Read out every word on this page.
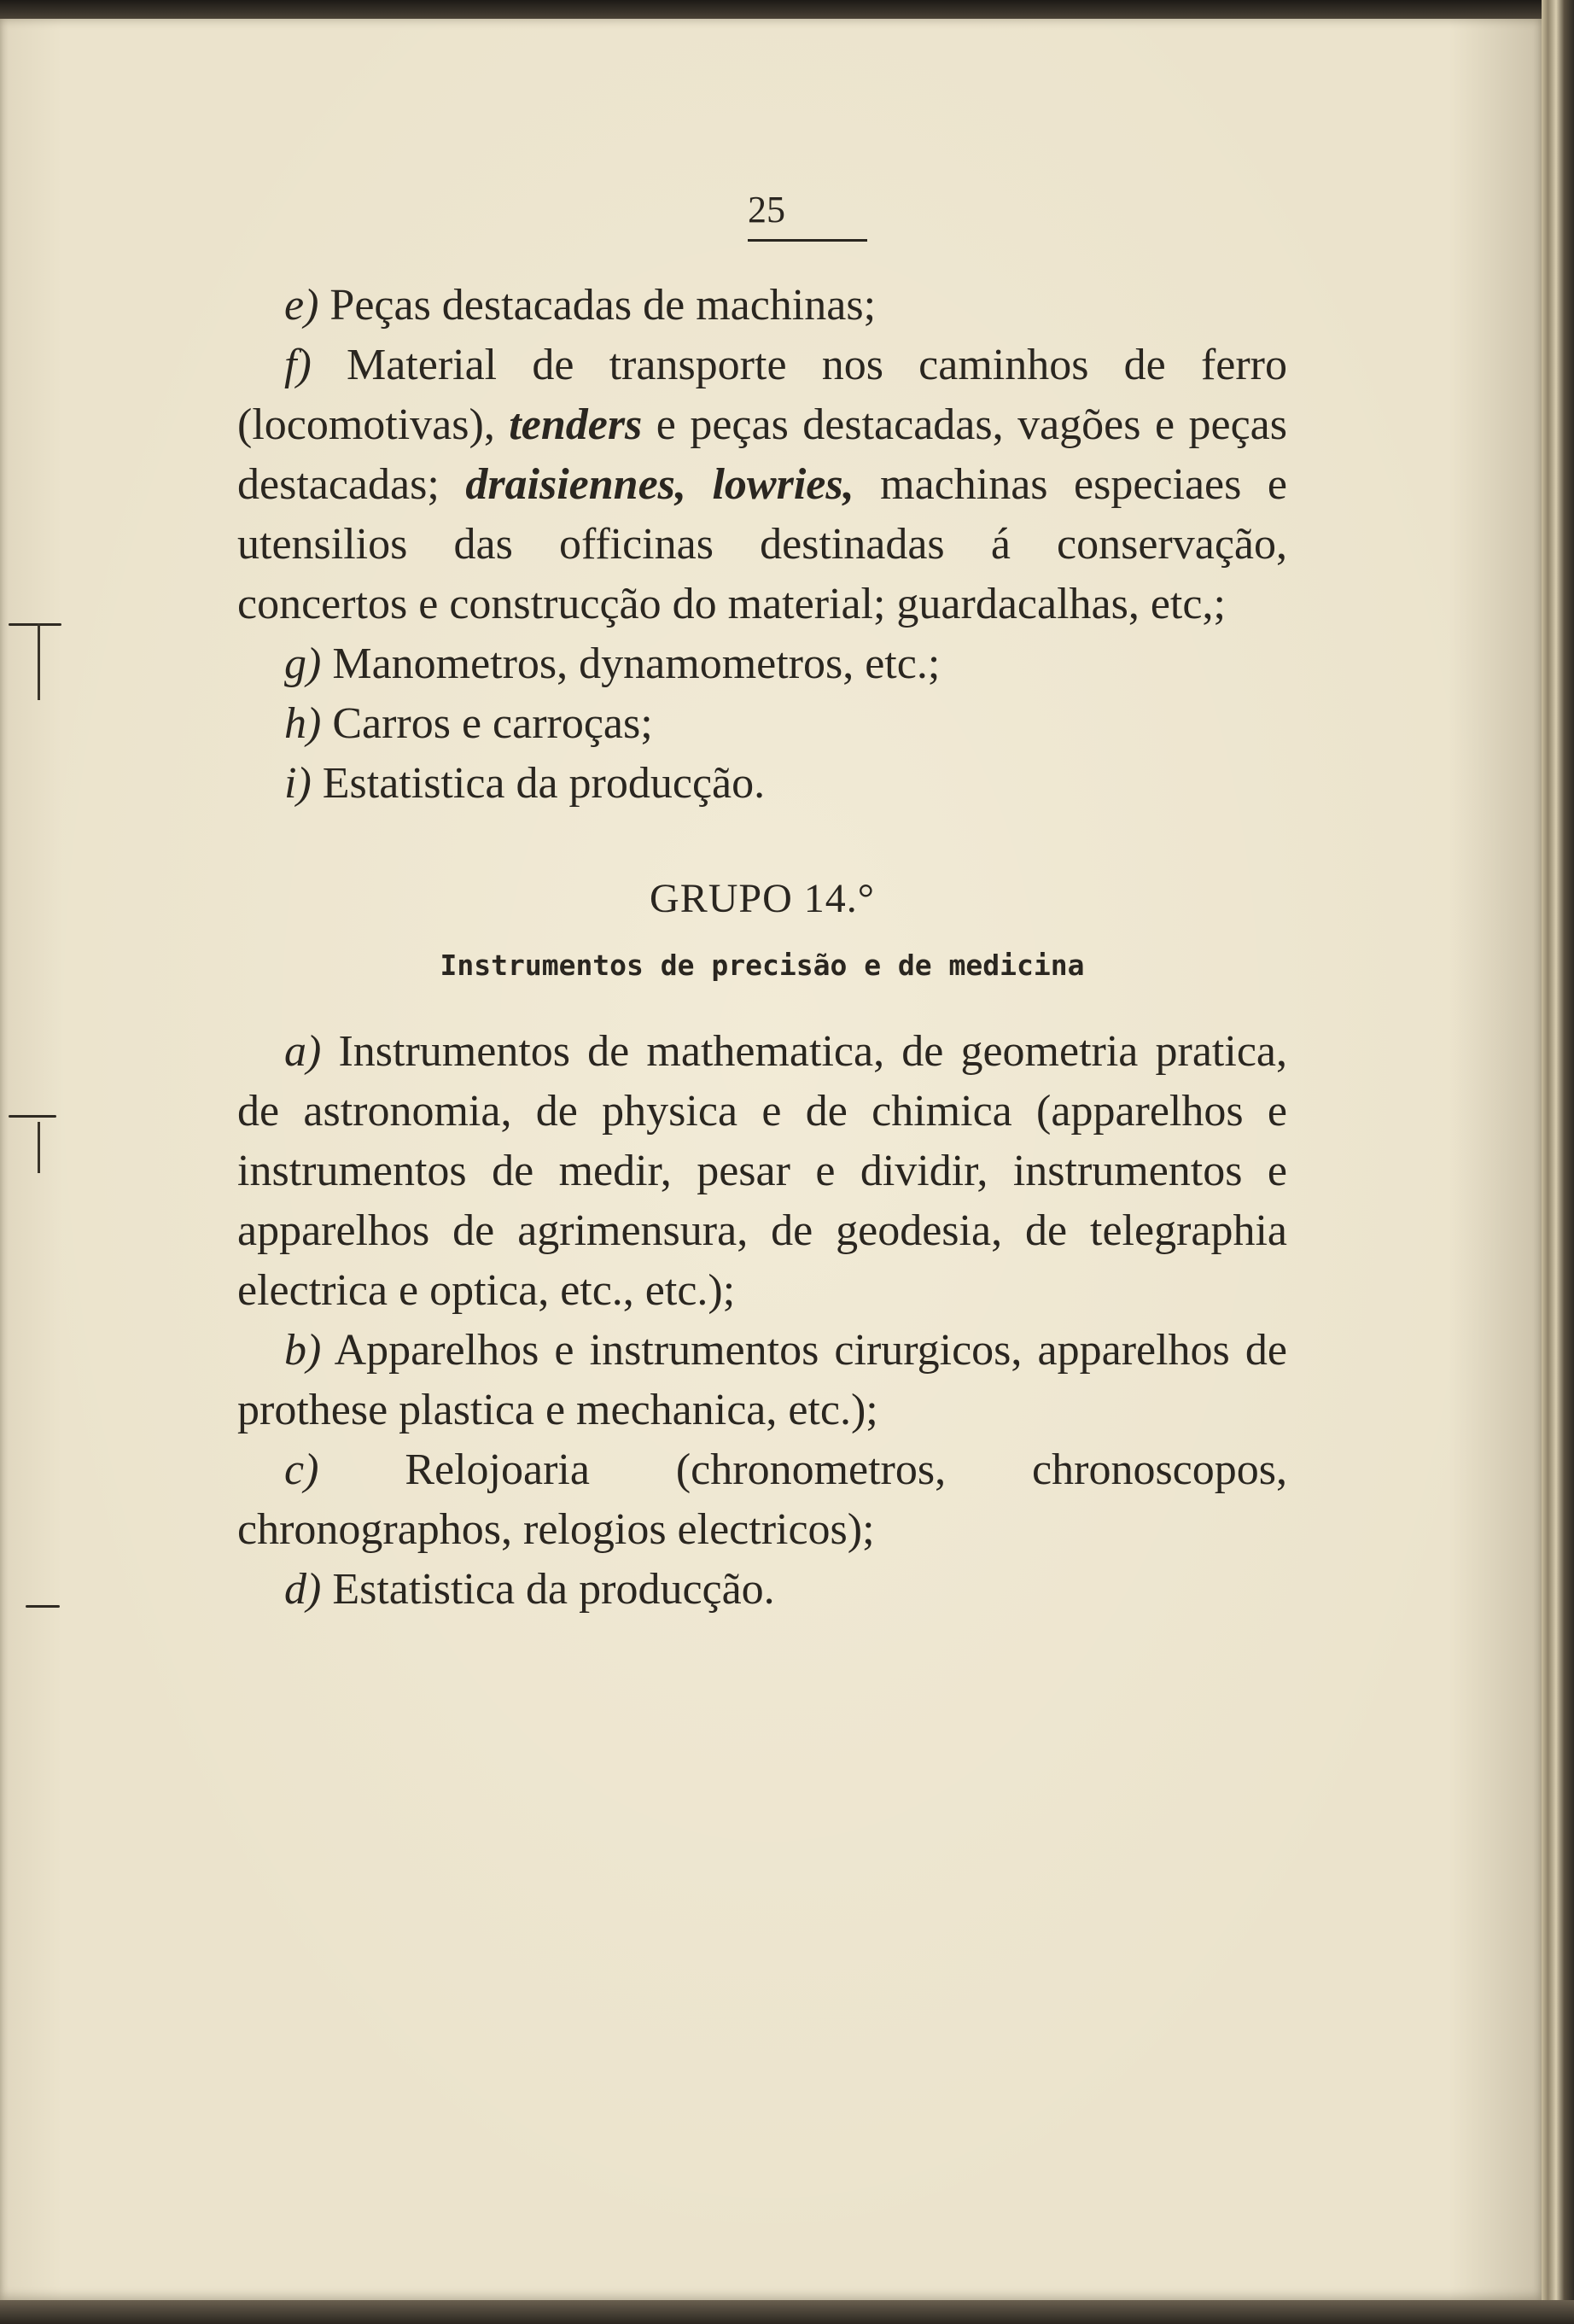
25

e) Peças destacadas de machinas;

f) Material de transporte nos caminhos de ferro (locomotivas), tenders e peças destacadas, vagões e peças destacadas; draisiennes, lowries, machinas especiaes e utensilios das officinas destinadas á conservação, concertos e construcção do material; guardacalhas, etc,;

g) Manometros, dynamometros, etc.;

h) Carros e carroças;

i) Estatistica da producção.

GRUPO 14.°
Instrumentos de precisão e de medicina

a) Instrumentos de mathematica, de geometria pratica, de astronomia, de physica e de chimica (apparelhos e instrumentos de medir, pesar e dividir, instrumentos e apparelhos de agrimensura, de geodesia, de telegraphia electrica e optica, etc., etc.);

b) Apparelhos e instrumentos cirurgicos, apparelhos de prothese plastica e mechanica, etc.);

c) Relojoaria (chronometros, chronoscopos, chronographos, relogios electricos);

d) Estatistica da producção.
